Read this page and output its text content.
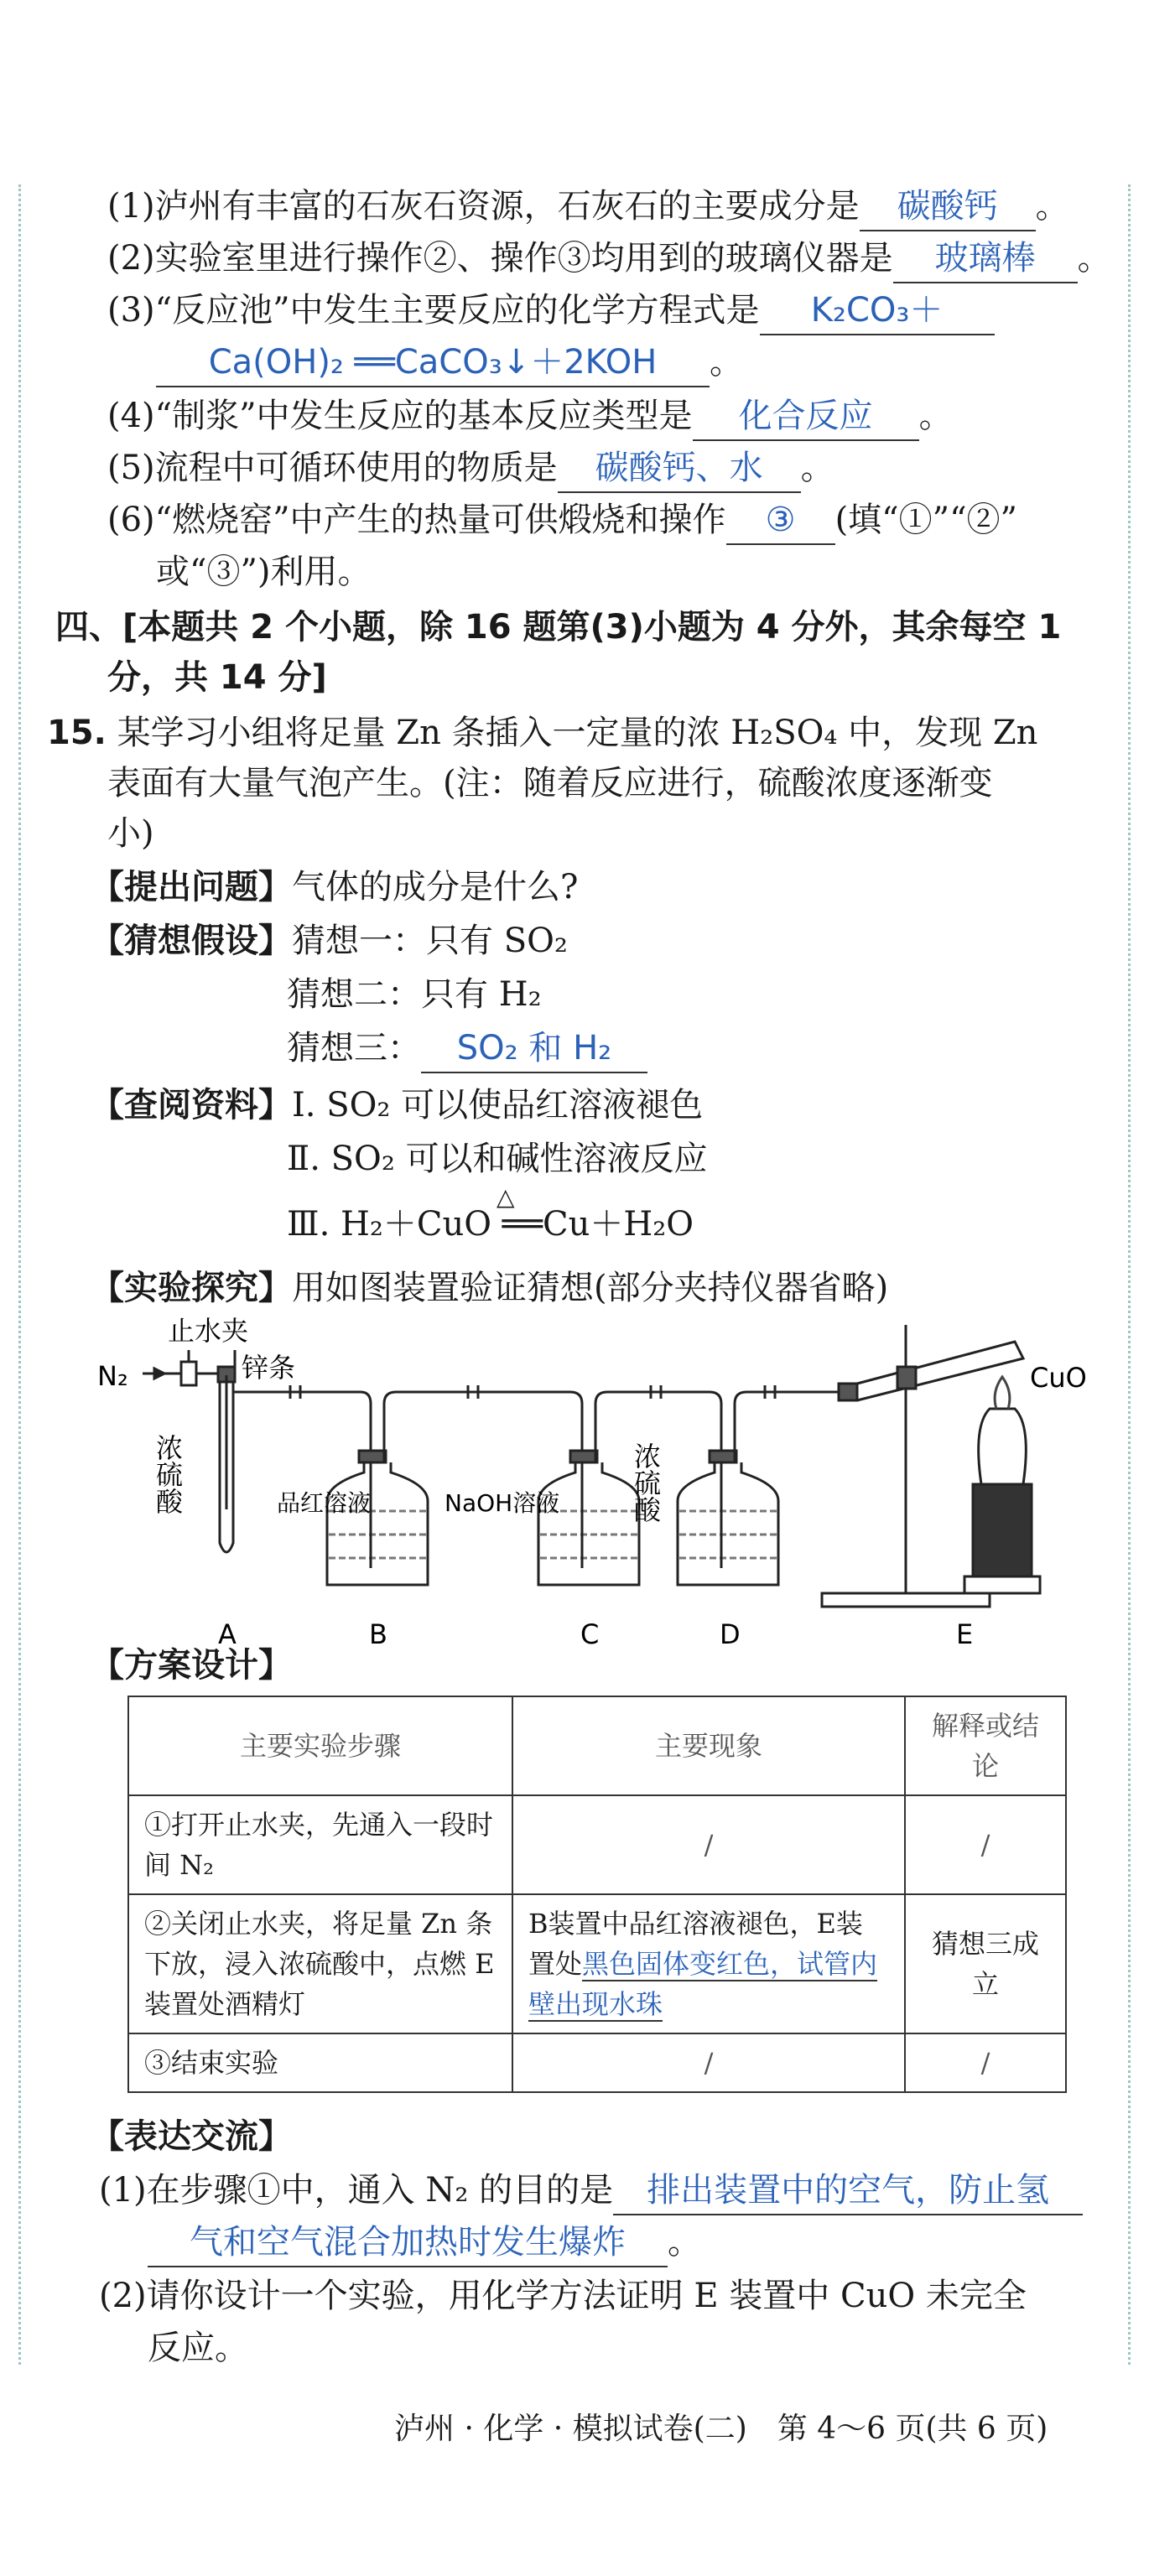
(1)泸州有丰富的石灰石资源，石灰石的主要成分是 碳酸钙 。
(2)实验室里进行操作②、操作③均用到的玻璃仪器是 玻璃棒 。
(3)“反应池”中发生主要反应的化学方程式是 K₂CO₃＋
Ca(OH)₂ ══CaCO₃↓＋2KOH 。
(4)“制浆”中发生反应的基本反应类型是 化合反应 。
(5)流程中可循环使用的物质是 碳酸钙、水 。
(6)“燃烧窑”中产生的热量可供煅烧和操作 ③ (填“①”“②”
或“③”)利用。
四、[本题共 2 个小题，除 16 题第(3)小题为 4 分外，其余每空 1
分，共 14 分]
15. 某学习小组将足量 Zn 条插入一定量的浓 H₂SO₄ 中，发现 Zn
表面有大量气泡产生。(注：随着反应进行，硫酸浓度逐渐变
小)
【提出问题】气体的成分是什么?
【猜想假设】猜想一：只有 SO₂
猜想二：只有 H₂
猜想三： SO₂ 和 H₂
【查阅资料】Ⅰ. SO₂ 可以使品红溶液褪色
Ⅱ. SO₂ 可以和碱性溶液反应
Ⅲ. H₂＋CuO ══Cu＋H₂O
△
【实验探究】用如图装置验证猜想(部分夹持仪器省略)
N₂
止水夹
锌条
浓硫酸	品红溶液	NaOH溶液	浓硫酸
CuO
A	B	C	D	E
【方案设计】
主要实验步骤	主要现象	解释或结论
①打开止水夹，先通入一段时间 N₂	/	/
②关闭止水夹，将足量 Zn 条下放，浸入浓硫酸中，点燃 E 装置处酒精灯	B装置中品红溶液褪色，E装置处黑色固体变红色，试管内壁出现水珠	猜想三成立
③结束实验	/	/
【表达交流】
(1)在步骤①中，通入 N₂ 的目的是 排出装置中的空气，防止氢
气和空气混合加热时发生爆炸 。
(2)请你设计一个实验，用化学方法证明 E 装置中 CuO 未完全
反应。
泸州 · 化学 · 模拟试卷(二)　第 4～6 页(共 6 页)
